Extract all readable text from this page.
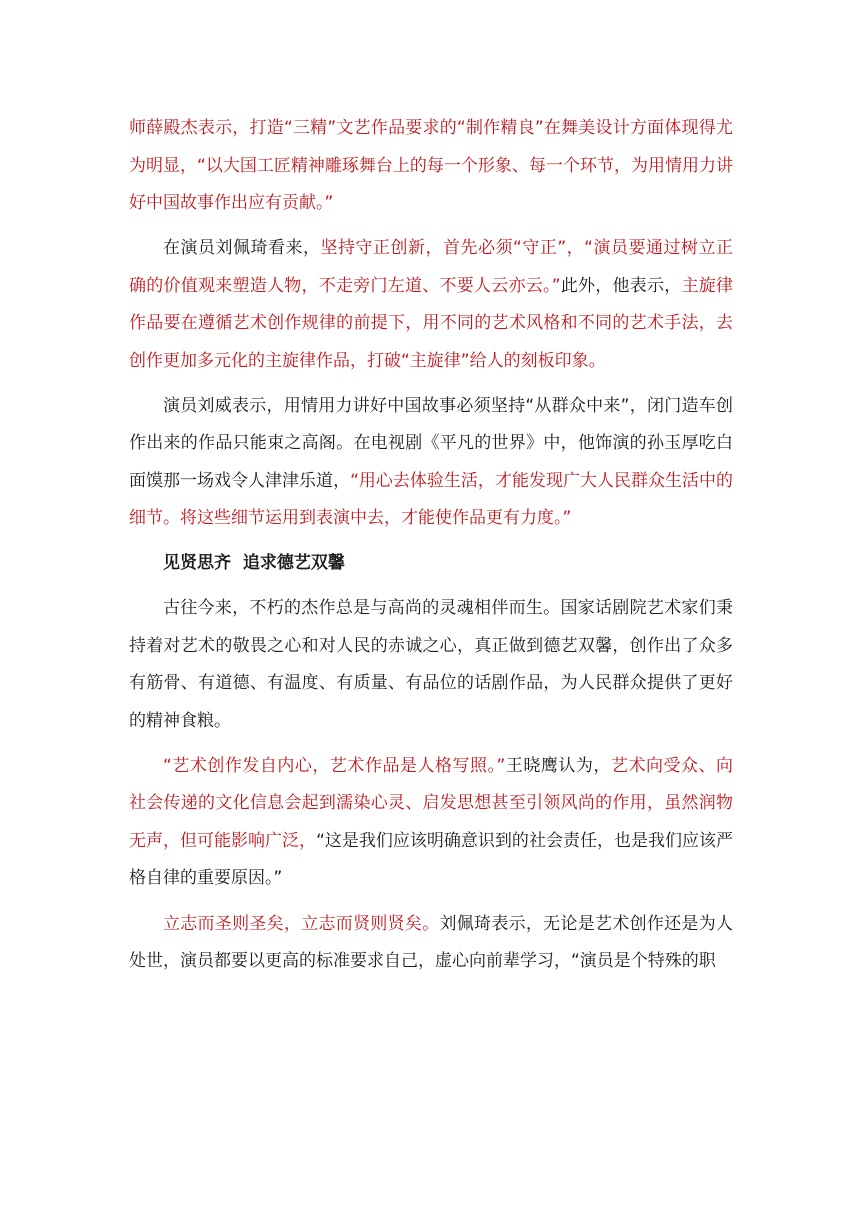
师薛殿杰表示，打造“三精”文艺作品要求的“制作精良”在舞美设计方面体现得尤为明显，“以大国工匠精神雕琢舞台上的每一个形象、每一个环节，为用情用力讲好中国故事作出应有贡献。”

在演员刘佩琦看来，坚持守正创新，首先必须“守正”，“演员要通过树立正确的价值观来塑造人物，不走旁门左道、不要人云亦云。”此外，他表示，主旋律作品要在遵循艺术创作规律的前提下，用不同的艺术风格和不同的艺术手法，去创作更加多元化的主旋律作品，打破“主旋律”给人的刻板印象。

演员刘威表示，用情用力讲好中国故事必须坚持“从群众中来”，闭门造车创作出来的作品只能束之高阁。在电视剧《平凡的世界》中，他饰演的孙玉厚吃白面馍那一场戏令人津津乐道，“用心去体验生活，才能发现广大人民群众生活中的细节。将这些细节运用到表演中去，才能使作品更有力度。”

见贤思齐  追求德艺双馨

古往今来，不朽的杰作总是与高尚的灵魂相伴而生。国家话剧院艺术家们秉持着对艺术的敬畏之心和对人民的赤诚之心，真正做到德艺双馨，创作出了众多有筋骨、有道德、有温度、有质量、有品位的话剧作品，为人民群众提供了更好的精神食粮。

“艺术创作发自内心，艺术作品是人格写照。”王晓鹰认为，艺术向受众、向社会传递的文化信息会起到濡染心灵、启发思想甚至引领风尚的作用，虽然润物无声，但可能影响广泛，“这是我们应该明确意识到的社会责任，也是我们应该严格自律的重要原因。”

立志而圣则圣矣，立志而贤则贤矣。刘佩琦表示，无论是艺术创作还是为人处世，演员都要以更高的标准要求自己，虚心向前辈学习，“演员是个特殊的职
